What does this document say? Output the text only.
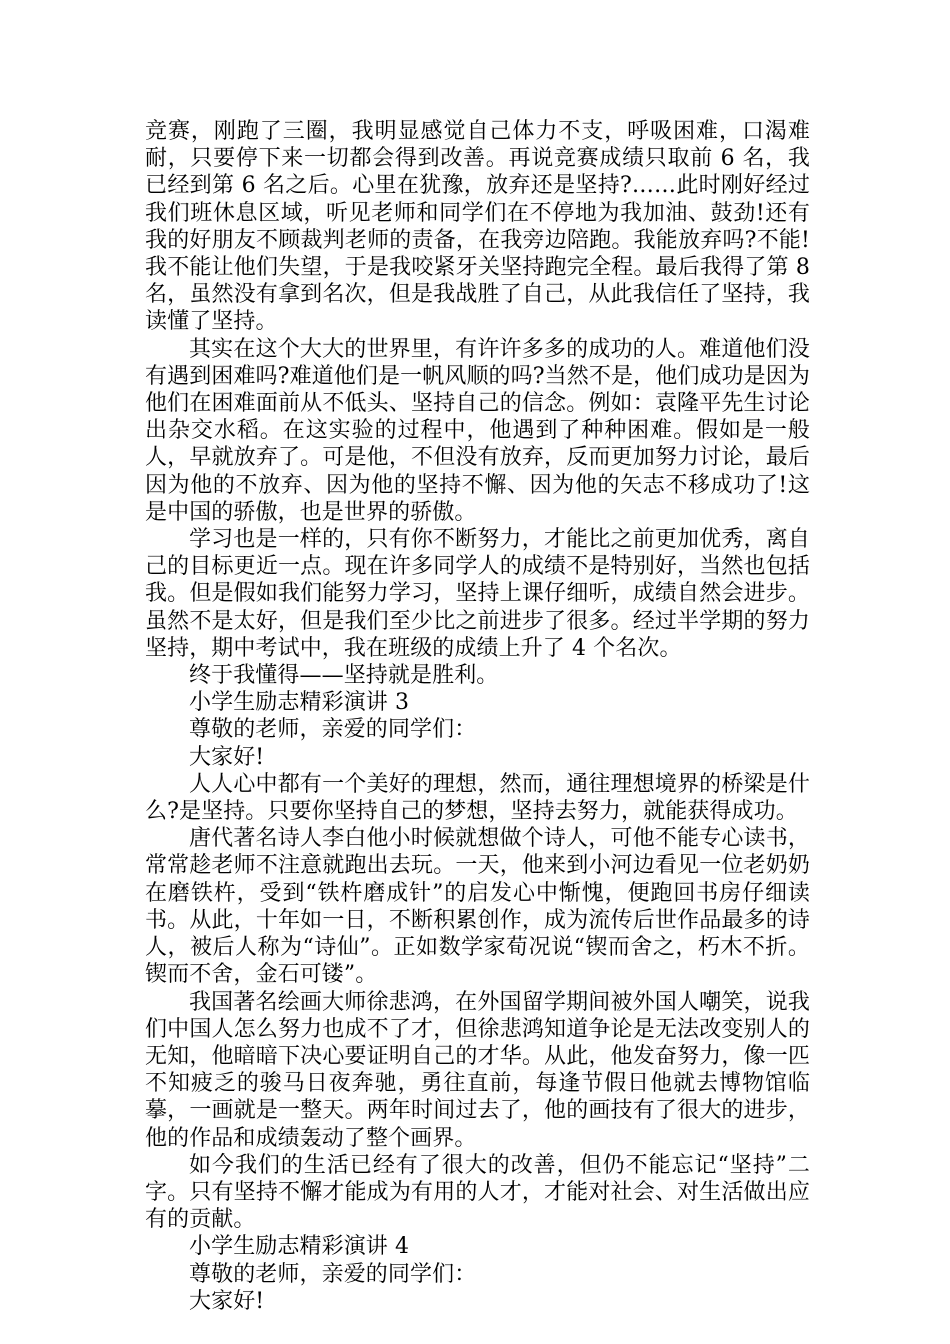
竞赛，刚跑了三圈，我明显感觉自己体力不支，呼吸困难，口渴难耐，只要停下来一切都会得到改善。再说竞赛成绩只取前 6 名，我已经到第 6 名之后。心里在犹豫，放弃还是坚持?……此时刚好经过我们班休息区域，听见老师和同学们在不停地为我加油、鼓劲!还有我的好朋友不顾裁判老师的责备，在我旁边陪跑。我能放弃吗?不能!我不能让他们失望，于是我咬紧牙关坚持跑完全程。最后我得了第 8 名，虽然没有拿到名次，但是我战胜了自己，从此我信任了坚持，我读懂了坚持。

其实在这个大大的世界里，有许许多多的成功的人。难道他们没有遇到困难吗?难道他们是一帆风顺的吗?当然不是，他们成功是因为他们在困难面前从不低头、坚持自己的信念。例如：袁隆平先生讨论出杂交水稻。在这实验的过程中，他遇到了种种困难。假如是一般人，早就放弃了。可是他，不但没有放弃，反而更加努力讨论，最后因为他的不放弃、因为他的坚持不懈、因为他的矢志不移成功了!这是中国的骄傲，也是世界的骄傲。

学习也是一样的，只有你不断努力，才能比之前更加优秀，离自己的目标更近一点。现在许多同学人的成绩不是特别好，当然也包括我。但是假如我们能努力学习，坚持上课仔细听，成绩自然会进步。虽然不是太好，但是我们至少比之前进步了很多。经过半学期的努力坚持，期中考试中，我在班级的成绩上升了 4 个名次。

终于我懂得——坚持就是胜利。

小学生励志精彩演讲 3

尊敬的老师，亲爱的同学们：

大家好!

人人心中都有一个美好的理想，然而，通往理想境界的桥梁是什么?是坚持。只要你坚持自己的梦想，坚持去努力，就能获得成功。

唐代著名诗人李白他小时候就想做个诗人，可他不能专心读书，常常趁老师不注意就跑出去玩。一天，他来到小河边看见一位老奶奶在磨铁杵，受到“铁杵磨成针”的启发心中惭愧，便跑回书房仔细读书。从此，十年如一日，不断积累创作，成为流传后世作品最多的诗人，被后人称为“诗仙”。正如数学家荀况说“锲而舍之，朽木不折。锲而不舍，金石可镂”。

我国著名绘画大师徐悲鸿，在外国留学期间被外国人嘲笑，说我们中国人怎么努力也成不了才，但徐悲鸿知道争论是无法改变别人的无知，他暗暗下决心要证明自己的才华。从此，他发奋努力，像一匹不知疲乏的骏马日夜奔驰，勇往直前，每逢节假日他就去博物馆临摹，一画就是一整天。两年时间过去了，他的画技有了很大的进步，他的作品和成绩轰动了整个画界。

如今我们的生活已经有了很大的改善，但仍不能忘记“坚持”二字。只有坚持不懈才能成为有用的人才，才能对社会、对生活做出应有的贡献。

小学生励志精彩演讲 4

尊敬的老师，亲爱的同学们：

大家好!
